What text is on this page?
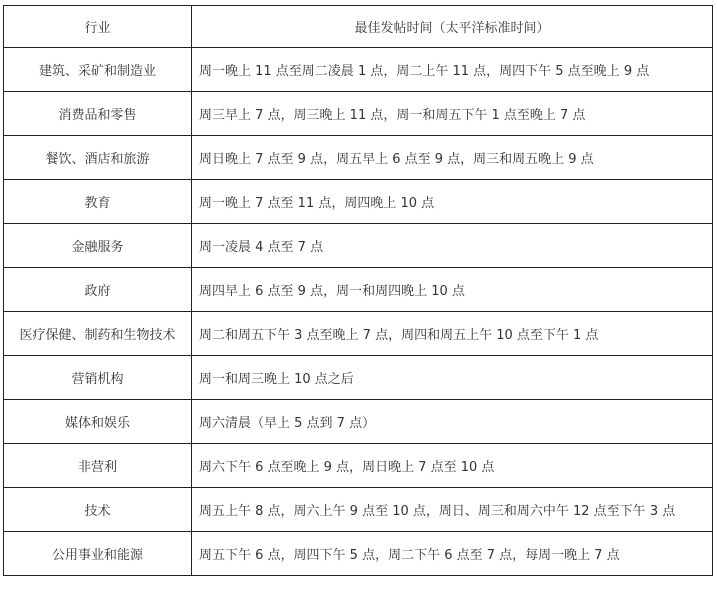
行业	最佳发帖时间（太平洋标准时间）
建筑、采矿和制造业	周一晚上 11 点至周二凌晨 1 点，周二上午 11 点，周四下午 5 点至晚上 9 点
消费品和零售	周三早上 7 点，周三晚上 11 点，周一和周五下午 1 点至晚上 7 点
餐饮、酒店和旅游	周日晚上 7 点至 9 点，周五早上 6 点至 9 点，周三和周五晚上 9 点
教育	周一晚上 7 点至 11 点，周四晚上 10 点
金融服务	周一凌晨 4 点至 7 点
政府	周四早上 6 点至 9 点，周一和周四晚上 10 点
医疗保健、制药和生物技术	周二和周五下午 3 点至晚上 7 点，周四和周五上午 10 点至下午 1 点
营销机构	周一和周三晚上 10 点之后
媒体和娱乐	周六清晨（早上 5 点到 7 点）
非营利	周六下午 6 点至晚上 9 点，周日晚上 7 点至 10 点
技术	周五上午 8 点，周六上午 9 点至 10 点，周日、周三和周六中午 12 点至下午 3 点
公用事业和能源	周五下午 6 点，周四下午 5 点，周二下午 6 点至 7 点，每周一晚上 7 点
